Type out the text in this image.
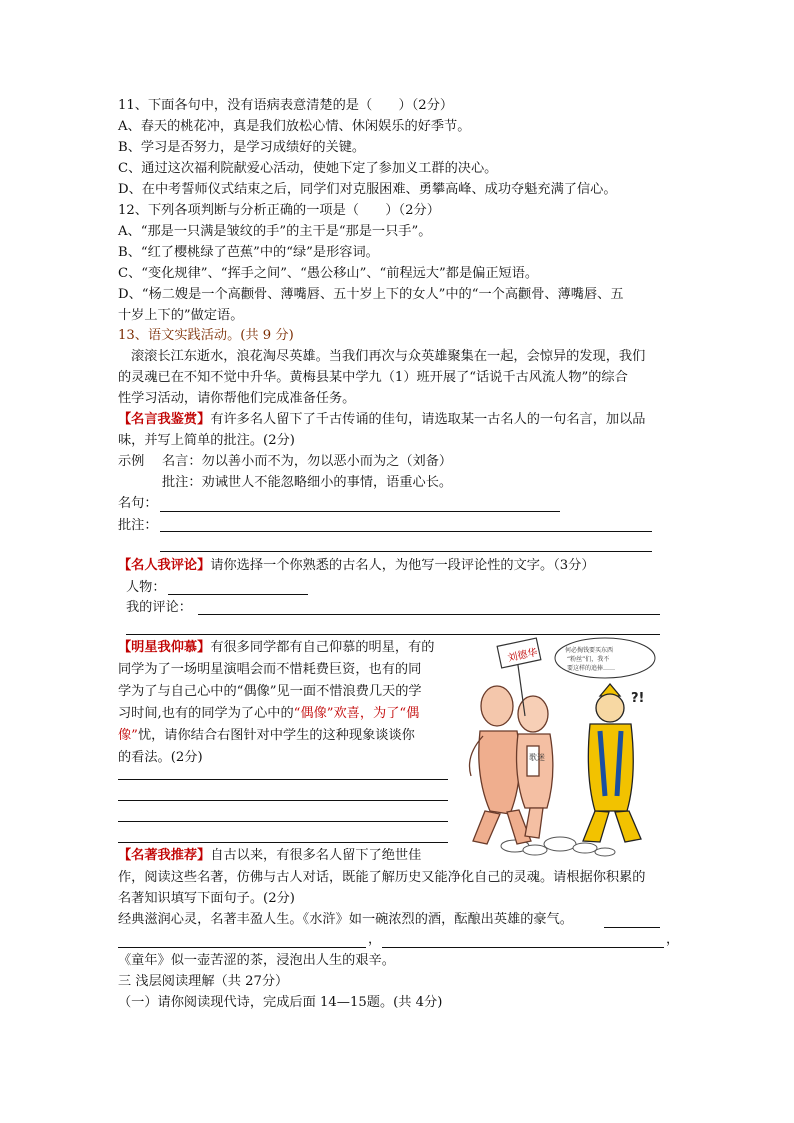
11、下面各句中，没有语病表意清楚的是（　　）（2分）
A、春天的桃花冲，真是我们放松心情、休闲娱乐的好季节。
B、学习是否努力，是学习成绩好的关键。
C、通过这次福利院献爱心活动，使她下定了参加义工群的决心。
D、在中考誓师仪式结束之后，同学们对克服困难、勇攀高峰、成功夺魁充满了信心。
12、下列各项判断与分析正确的一项是（　　）（2分）
A、“那是一只满是皱纹的手”的主干是“那是一只手”。
B、“红了樱桃绿了芭蕉”中的“绿”是形容词。
C、“变化规律”、“挥手之间”、“愚公移山”、“前程远大”都是偏正短语。
D、“杨二嫂是一个高颧骨、薄嘴唇、五十岁上下的女人”中的“一个高颧骨、薄嘴唇、五
十岁上下的”做定语。
13、语文实践活动。(共 9 分)
滚滚长江东逝水，浪花淘尽英雄。当我们再次与众英雄聚集在一起，会惊异的发现，我们
的灵魂已在不知不觉中升华。黄梅县某中学九（1）班开展了“话说千古风流人物”的综合
性学习活动，请你帮他们完成准备任务。
【名言我鉴赏】有许多名人留下了千古传诵的佳句，请选取某一古名人的一句名言，加以品
味，并写上简单的批注。(2分)
示例 名言：勿以善小而不为，勿以恶小而为之（刘备）
批注：劝诫世人不能忽略细小的事情，语重心长。
名句：
批注：
【名人我评论】请你选择一个你熟悉的古名人，为他写一段评论性的文字。（3分）
人物：
我的评论：
【明星我仰慕】有很多同学都有自己仰慕的明星，有的
同学为了一场明星演唱会而不惜耗费巨资，也有的同
学为了与自己心中的“偶像”见一面不惜浪费几天的学
习时间,也有的同学为了心中的“偶像”欢喜，为了“偶
像”忧，请你结合右图针对中学生的这种现象谈谈你
的看法。(2分)
【名著我推荐】自古以来，有很多名人留下了绝世佳
作，阅读这些名著，仿佛与古人对话，既能了解历史又能净化自己的灵魂。请根据你积累的
名著知识填写下面句子。(2分)
经典滋润心灵，名著丰盈人生。《水浒》如一碗浓烈的酒，酝酿出英雄的豪气。
，	，
《童年》似一壶苦涩的茶，浸泡出人生的艰辛。
三 浅层阅读理解（共 27分）
（一）请你阅读现代诗，完成后面 14—15题。(共 4分)
歌迷
刘德华
?!
何必掏钱要买东西
“粉丝”们，我不
要这样的追捧……
